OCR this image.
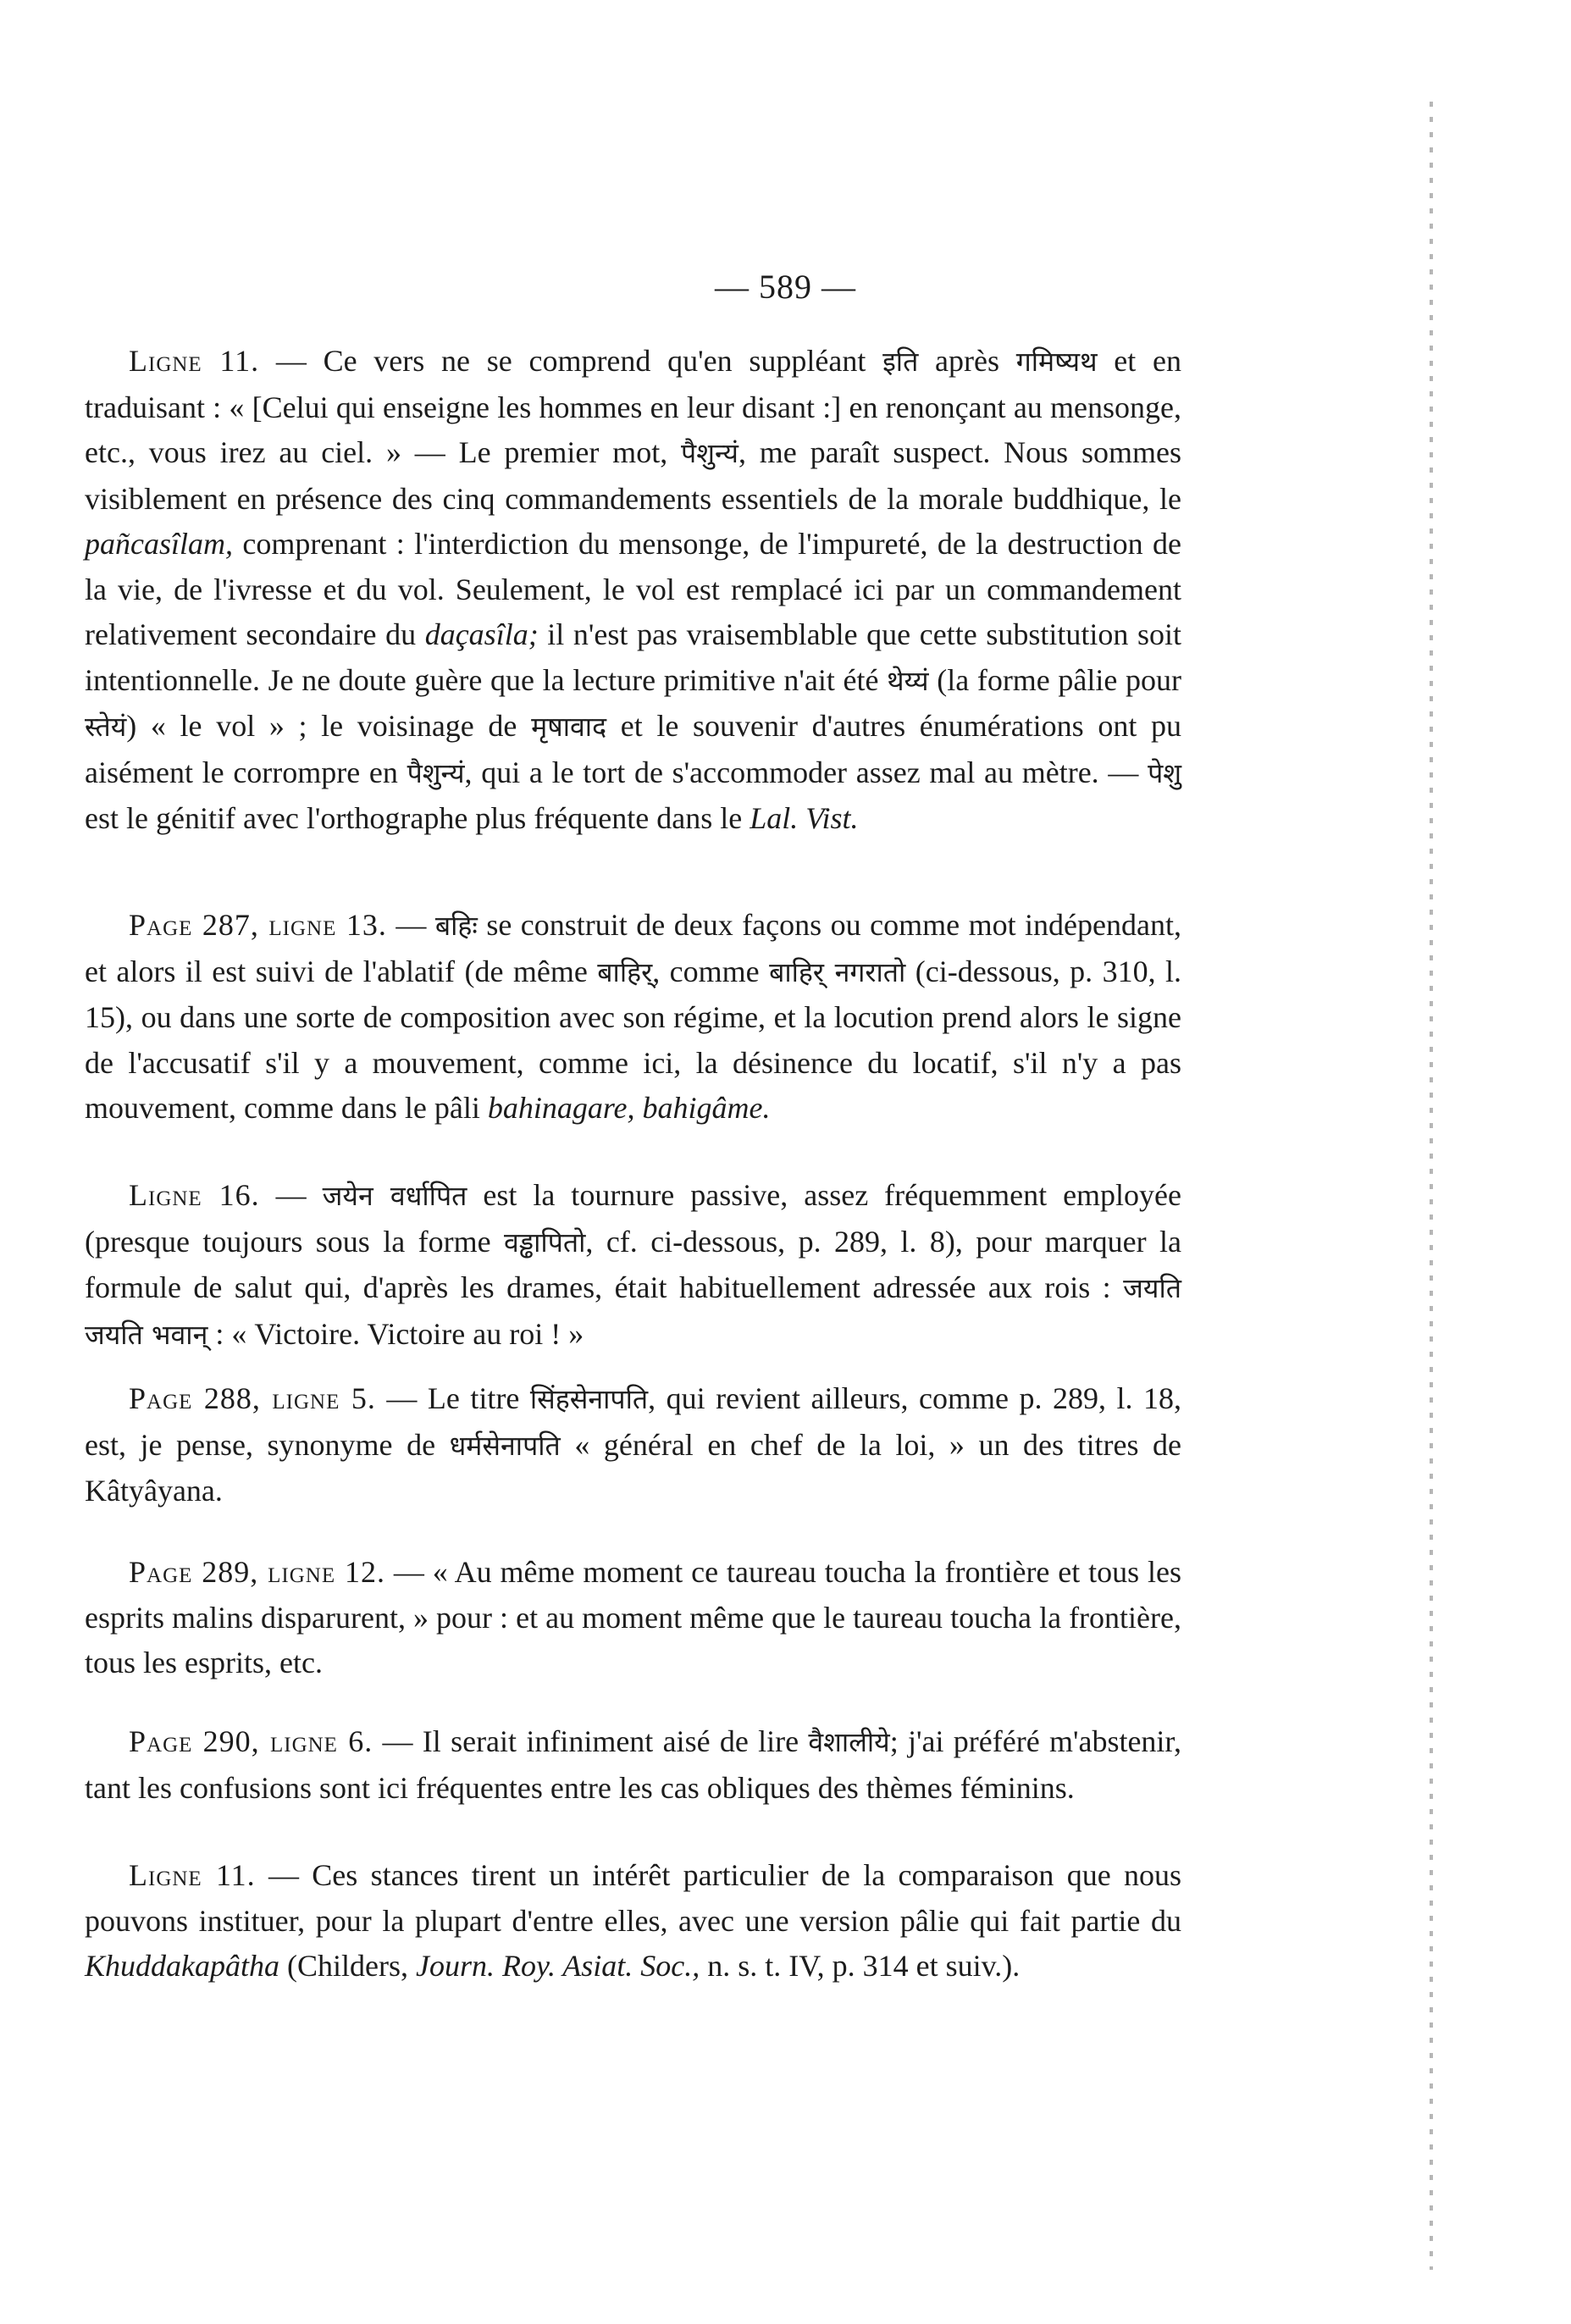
— 589 —

Ligne 11. — Ce vers ne se comprend qu'en suppléant इति après गमिष्यथ et en traduisant : « [Celui qui enseigne les hommes en leur disant :] en renonçant au mensonge, etc., vous irez au ciel. » — Le premier mot, पैशुन्यं, me paraît suspect. Nous sommes visiblement en présence des cinq commandements essentiels de la morale buddhique, le pañcasîlam, comprenant : l'interdiction du mensonge, de l'impureté, de la destruction de la vie, de l'ivresse et du vol. Seulement, le vol est remplacé ici par un commandement relativement secondaire du daçasîla; il n'est pas vraisemblable que cette substitution soit intentionnelle. Je ne doute guère que la lecture primitive n'ait été थेय्यं (la forme pâlie pour स्तेयं) « le vol » ; le voisinage de मृषावाद et le souvenir d'autres énumérations ont pu aisément le corrompre en पैशुन्यं, qui a le tort de s'accommoder assez mal au mètre. — पेशु est le génitif avec l'orthographe plus fréquente dans le Lal. Vist.

Page 287, ligne 13. — बहिः se construit de deux façons ou comme mot indépendant, et alors il est suivi de l'ablatif (de même बाहिर्, comme बाहिर् नगरातो (ci-dessous, p. 310, l. 15), ou dans une sorte de composition avec son régime, et la locution prend alors le signe de l'accusatif s'il y a mouvement, comme ici, la désinence du locatif, s'il n'y a pas mouvement, comme dans le pâli bahinagare, bahigâme.

Ligne 16. — जयेन वर्धापित est la tournure passive, assez fréquemment employée (presque toujours sous la forme वड्ढापितो, cf. ci-dessous, p. 289, l. 8), pour marquer la formule de salut qui, d'après les drames, était habituellement adressée aux rois : जयति जयति भवान् : « Victoire. Victoire au roi ! »

Page 288, ligne 5. — Le titre सिंहसेनापति, qui revient ailleurs, comme p. 289, l. 18, est, je pense, synonyme de धर्मसेनापति « général en chef de la loi, » un des titres de Kâtyâyana.

Page 289, ligne 12. — « Au même moment ce taureau toucha la frontière et tous les esprits malins disparurent, » pour : et au moment même que le taureau toucha la frontière, tous les esprits, etc.

Page 290, ligne 6. — Il serait infiniment aisé de lire वैशालीये; j'ai préféré m'abstenir, tant les confusions sont ici fréquentes entre les cas obliques des thèmes féminins.

Ligne 11. — Ces stances tirent un intérêt particulier de la comparaison que nous pouvons instituer, pour la plupart d'entre elles, avec une version pâlie qui fait partie du Khuddakapâtha (Childers, Journ. Roy. Asiat. Soc., n. s. t. IV, p. 314 et suiv.).
